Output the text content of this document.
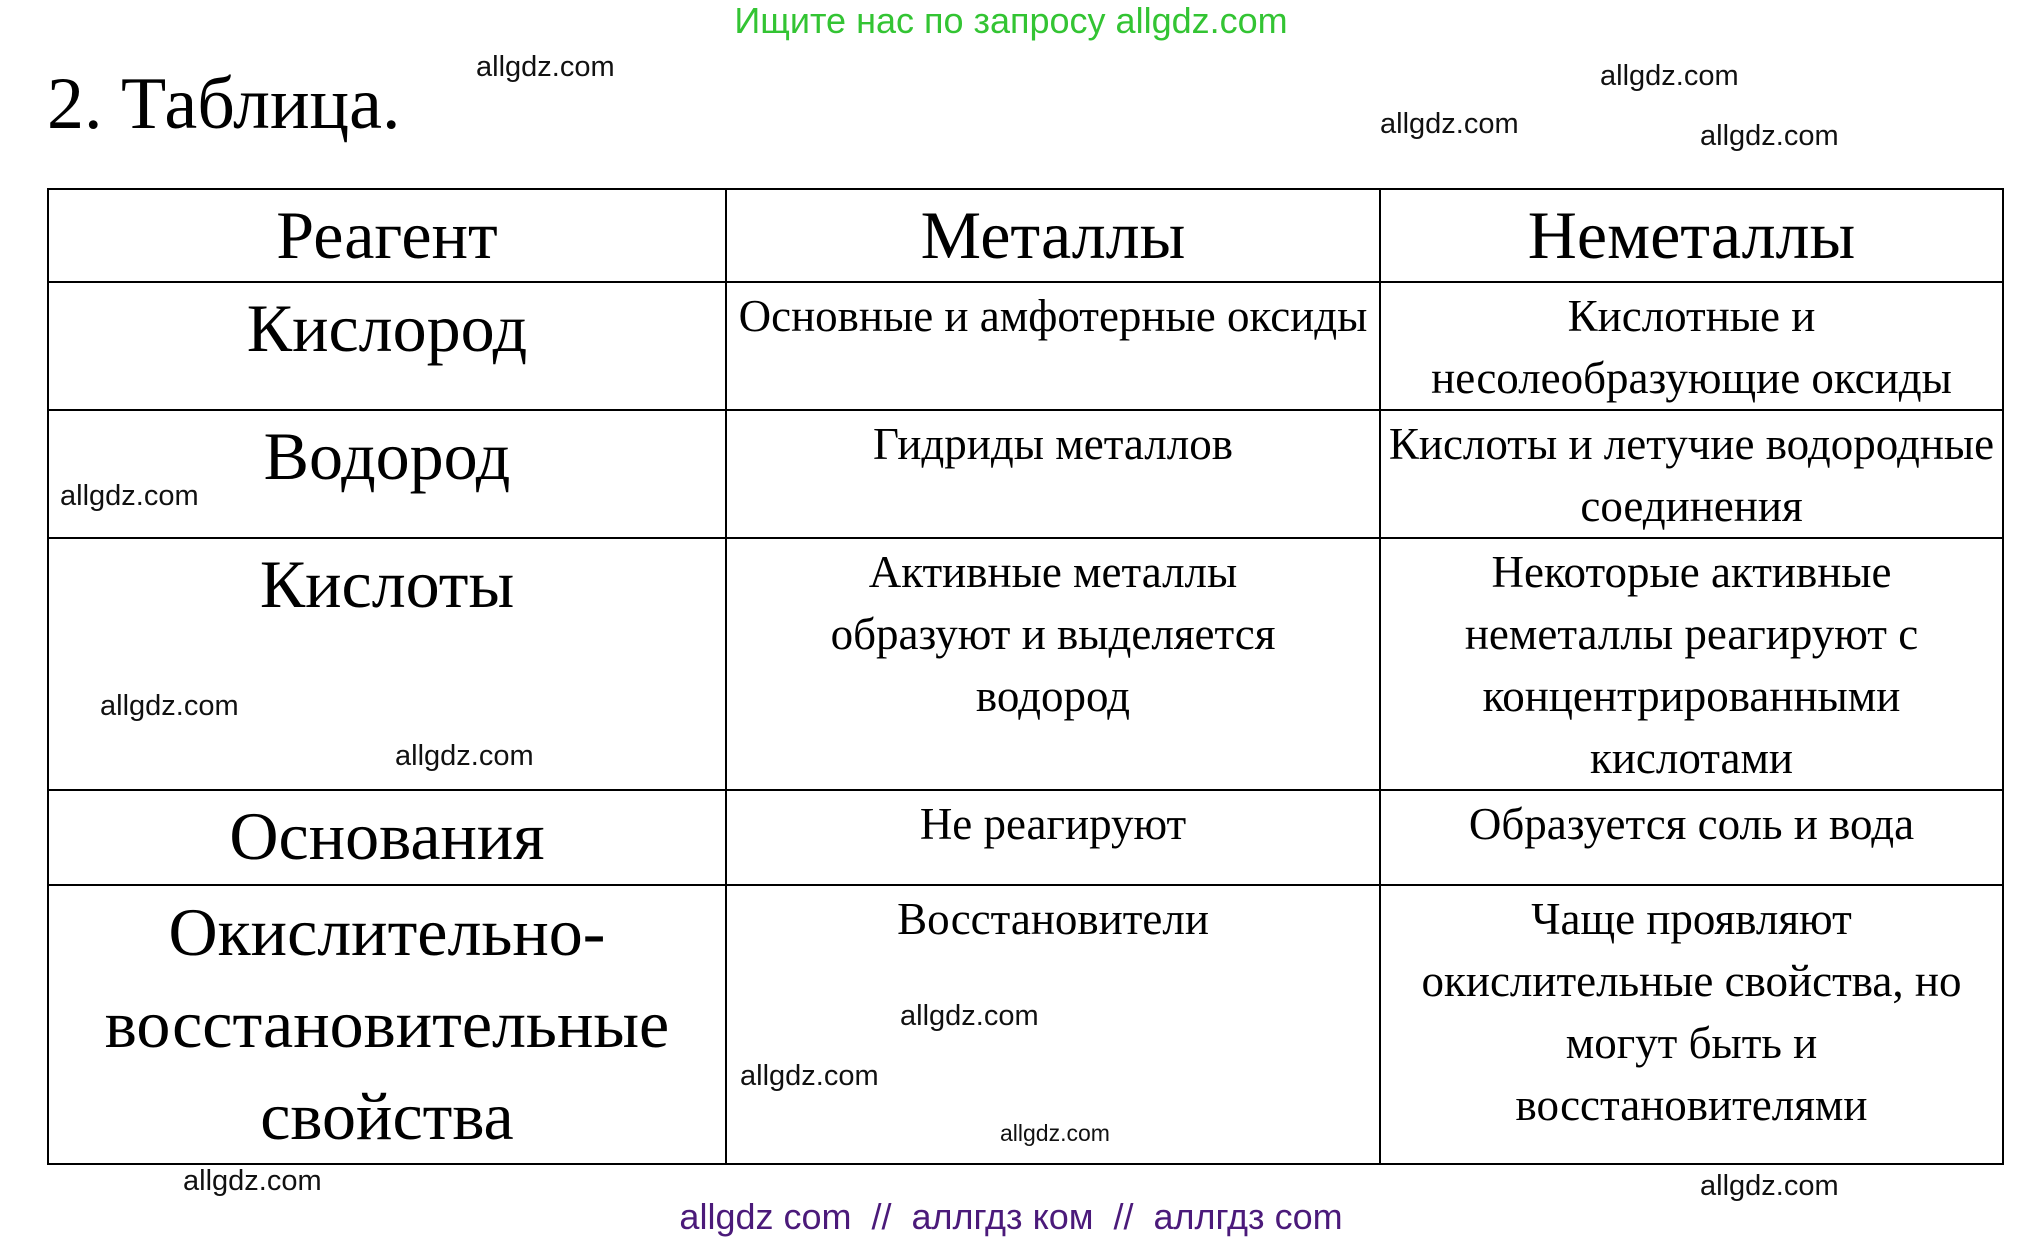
Ищите нас по запросу allgdz.com
2. Таблица.
Реагент	Металлы	Неметаллы
Кислород	Основные и амфотерные оксиды	Кислотные и несолеобразующие оксиды
Водород	Гидриды металлов	Кислоты и летучие водородные соединения
Кислоты	Активные металлы образуют и выделяется водород	Некоторые активные неметаллы реагируют с концентрированными кислотами
Основания	Не реагируют	Образуется соль и вода
Окислительно-восстановительные свойства	Восстановители	Чаще проявляют окислительные свойства, но могут быть и восстановителями
allgdz.com
allgdz.com
allgdz.com
allgdz.com
allgdz.com
allgdz.com
allgdz.com
allgdz.com
allgdz.com
allgdz.com
allgdz.com
allgdz.com
allgdz com  //  аллгдз ком  //  аллгдз com
